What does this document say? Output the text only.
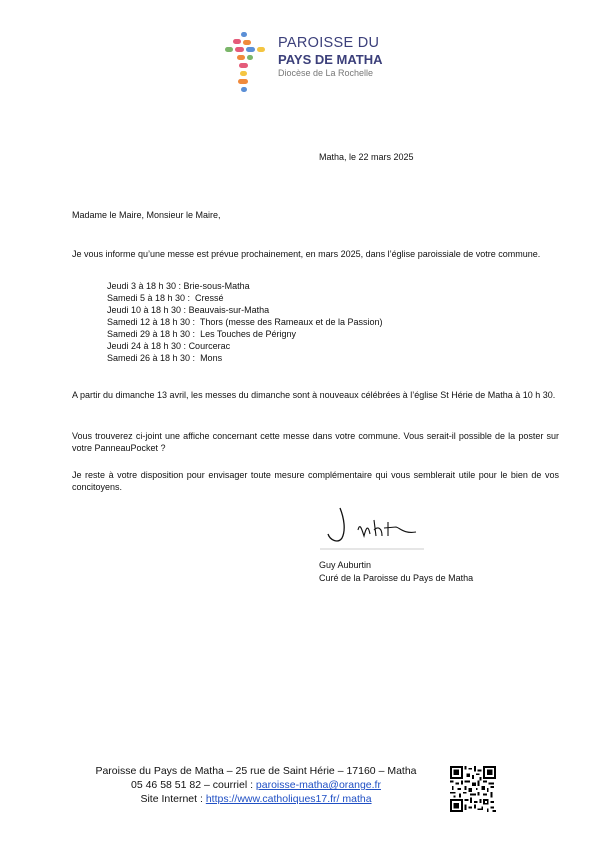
PAROISSE DU
PAYS DE MATHA
Diocèse de La Rochelle

Matha, le 22 mars 2025

Madame le Maire, Monsieur le Maire,

Je vous informe qu’une messe est prévue prochainement, en mars 2025, dans l’église paroissiale de votre commune.

Jeudi 3 à 18 h 30 : Brie-sous-Matha
Samedi 5 à 18 h 30 :  Cressé
Jeudi 10 à 18 h 30 : Beauvais-sur-Matha
Samedi 12 à 18 h 30 :  Thors (messe des Rameaux et de la Passion)
Samedi 29 à 18 h 30 :  Les Touches de Périgny
Jeudi 24 à 18 h 30 : Courcerac
Samedi 26 à 18 h 30 :  Mons

A partir du dimanche 13 avril, les messes du dimanche sont à nouveaux célébrées à l’église St Hérie de Matha à 10 h 30.

Vous trouverez ci-joint une affiche concernant cette messe dans votre commune. Vous serait-il possible de la poster sur votre PanneauPocket ?

Je reste à votre disposition pour envisager toute mesure complémentaire qui vous semblerait utile pour le bien de vos concitoyens.

Guy Auburtin

Curé de la Paroisse du Pays de Matha

Paroisse du Pays de Matha – 25 rue de Saint Hérie – 17160 – Matha
05 46 58 51 82 – courriel : paroisse-matha@orange.fr
Site Internet : https://www.catholiques17.fr/ matha
